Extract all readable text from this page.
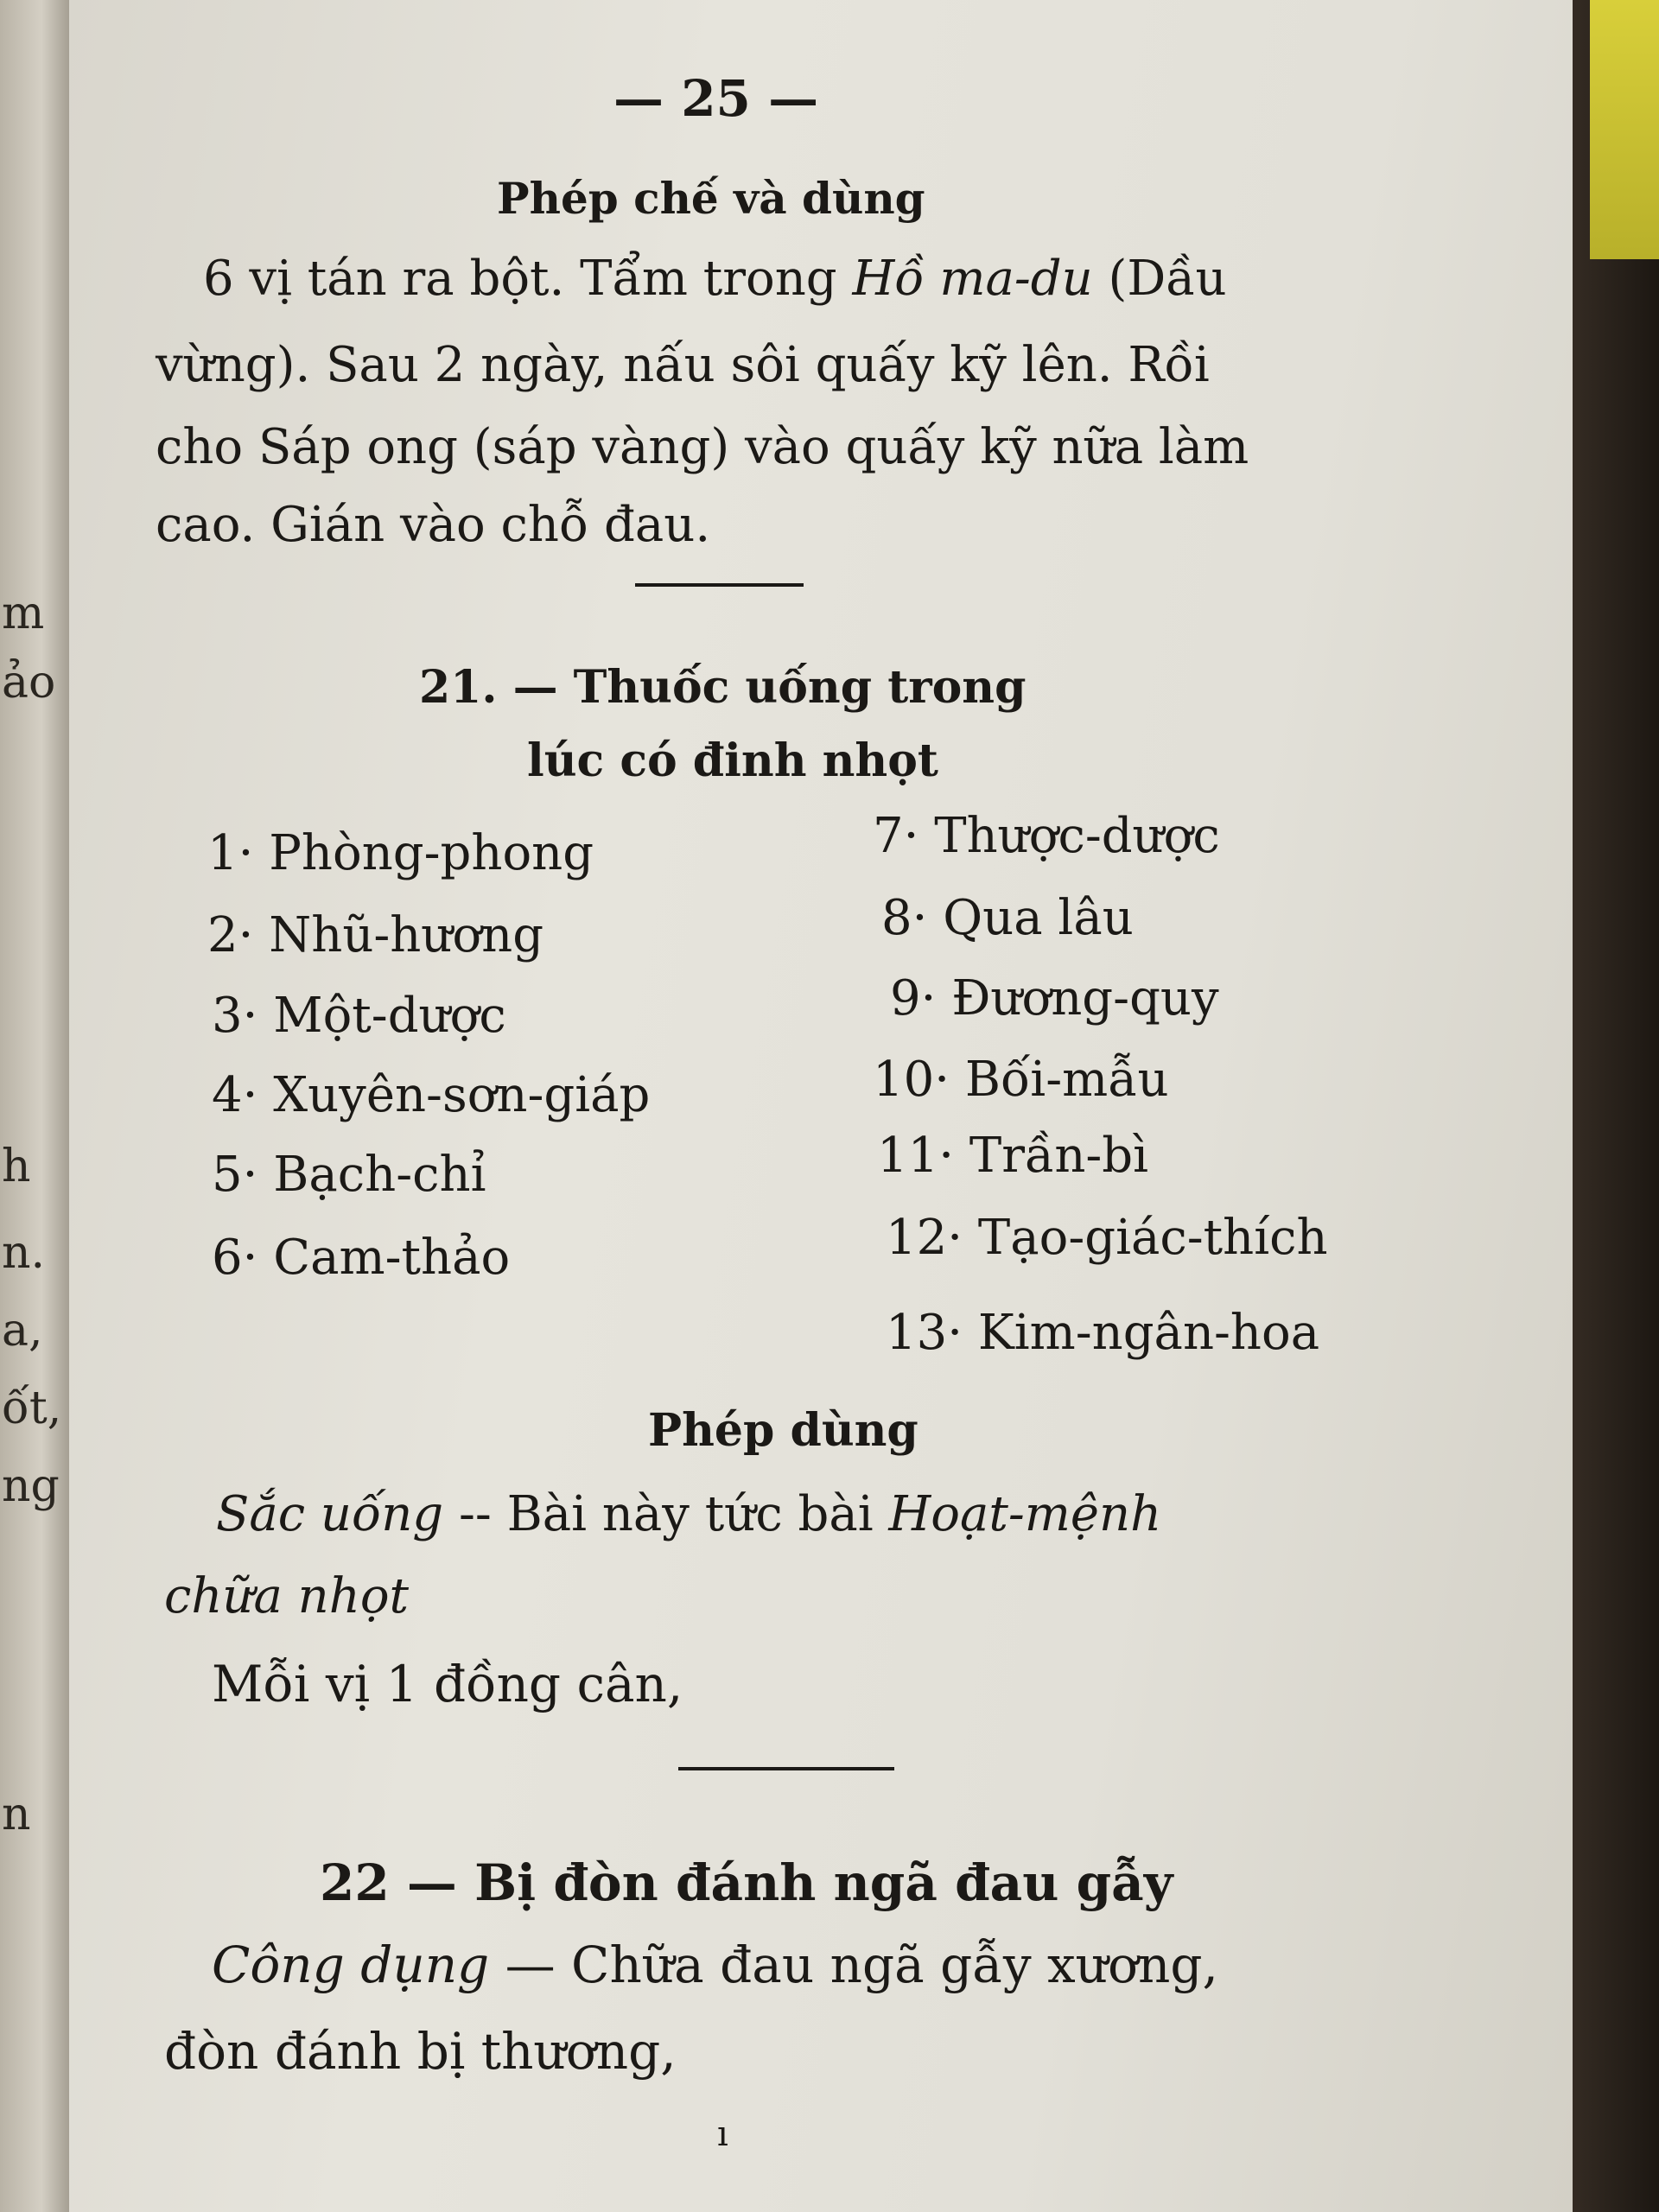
m
ảo
h
n.
a,
ốt,
ng
n
— 25 —
Phép chế và dùng
6 vị tán ra bột. Tẩm trong Hồ ma-du (Dầu
vừng). Sau 2 ngày, nấu sôi quấy kỹ lên. Rồi
cho Sáp ong (sáp vàng) vào quấy kỹ nữa làm
cao. Gián vào chỗ đau.
21. — Thuốc uống trong
lúc có đinh nhọt
1· Phòng-phong
2· Nhũ-hương
3· Một-dược
4· Xuyên-sơn-giáp
5· Bạch-chỉ
6· Cam-thảo
7· Thược-dược
8· Qua lâu
9· Đương-quy
10· Bối-mẫu
11· Trần-bì
12· Tạo-giác-thích
13· Kim-ngân-hoa
Phép dùng
Sắc uống -- Bài này tức bài Hoạt-mệnh
chữa nhọt
Mỗi vị 1 đồng cân,
22 — Bị đòn đánh ngã đau gẫy
Công dụng — Chữa đau ngã gẫy xương,
đòn đánh bị thương,
ı
